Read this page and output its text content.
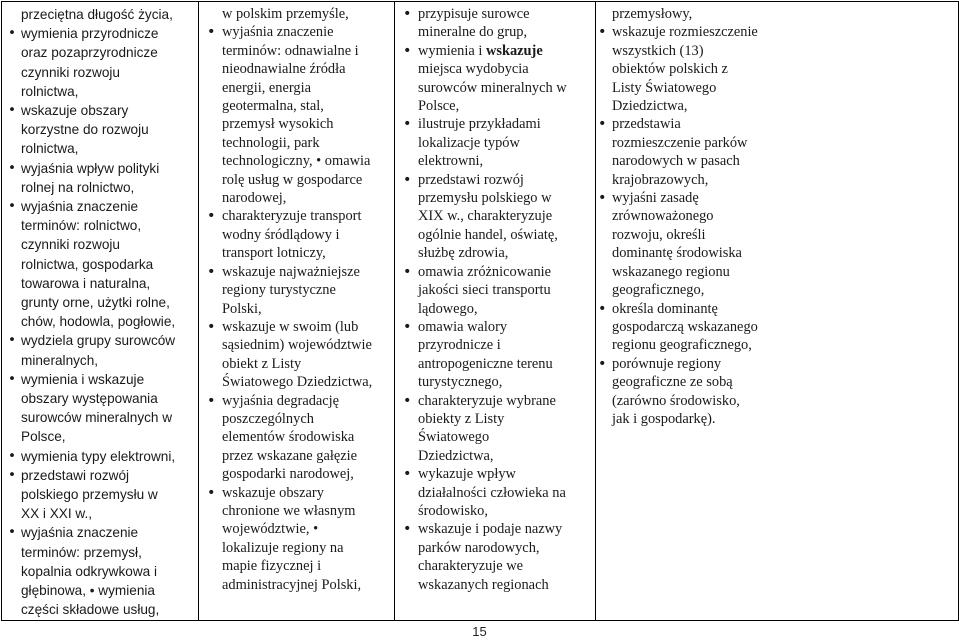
przeciętna długość życia,
• wymienia przyrodnicze
oraz pozaprzyrodnicze
czynniki rozwoju
rolnictwa,
• wskazuje obszary
korzystne do rozwoju
rolnictwa,
• wyjaśnia wpływ polityki
rolnej na rolnictwo,
• wyjaśnia znaczenie
terminów: rolnictwo,
czynniki rozwoju
rolnictwa, gospodarka
towarowa i naturalna,
grunty orne, użytki rolne,
chów, hodowla, pogłowie,
• wydziela grupy surowców
mineralnych,
• wymienia i wskazuje
obszary występowania
surowców mineralnych w
Polsce,
• wymienia typy elektrowni,
• przedstawi rozwój
polskiego przemysłu w
XX i XXI w.,
• wyjaśnia znaczenie
terminów: przemysł,
kopalnia odkrywkowa i
głębinowa, • wymienia
części składowe usług,

w polskim przemyśle,
• wyjaśnia znaczenie
terminów: odnawialne i
nieodnawialne źródła
energii, energia
geotermalna, stal,
przemysł wysokich
technologii, park
technologiczny, • omawia
rolę usług w gospodarce
narodowej,
• charakteryzuje transport
wodny śródlądowy i
transport lotniczy,
• wskazuje najważniejsze
regiony turystyczne
Polski,
• wskazuje w swoim (lub
sąsiednim) województwie
obiekt z Listy
Światowego Dziedzictwa,
• wyjaśnia degradację
poszczególnych
elementów środowiska
przez wskazane gałęzie
gospodarki narodowej,
• wskazuje obszary
chronione we własnym
województwie, •
lokalizuje regiony na
mapie fizycznej i
administracyjnej Polski,

• przypisuje surowce
mineralne do grup,
• wymienia i wskazuje
miejsca wydobycia
surowców mineralnych w
Polsce,
• ilustruje przykładami
lokalizacje typów
elektrowni,
• przedstawi rozwój
przemysłu polskiego w
XIX w., charakteryzuje
ogólnie handel, oświatę,
służbę zdrowia,
• omawia zróżnicowanie
jakości sieci transportu
lądowego,
• omawia walory
przyrodnicze i
antropogeniczne terenu
turystycznego,
• charakteryzuje wybrane
obiekty z Listy
Światowego
Dziedzictwa,
• wykazuje wpływ
działalności człowieka na
środowisko,
• wskazuje i podaje nazwy
parków narodowych,
charakteryzuje we
wskazanych regionach

przemysłowy,
• wskazuje rozmieszczenie
wszystkich (13)
obiektów polskich z
Listy Światowego
Dziedzictwa,
• przedstawia
rozmieszczenie parków
narodowych w pasach
krajobrazowych,
• wyjaśni zasadę
zrównoważonego
rozwoju, określi
dominantę środowiska
wskazanego regionu
geograficznego,
• określa dominantę
gospodarczą wskazanego
regionu geograficznego,
• porównuje regiony
geograficzne ze sobą
(zarówno środowisko,
jak i gospodarkę).
15
